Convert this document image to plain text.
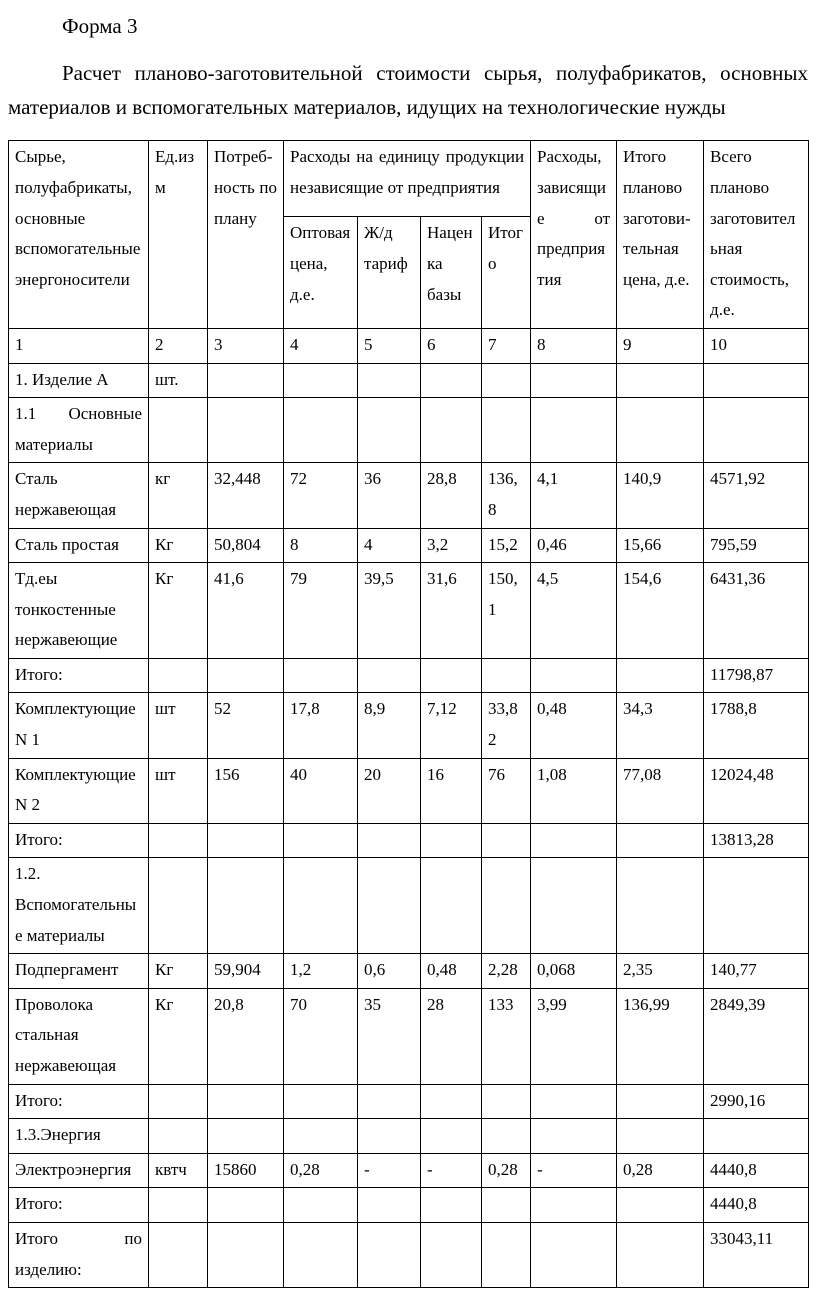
Форма 3

Расчет планово-заготовительной стоимости сырья, полуфабрикатов, основных материалов и вспомогательных материалов, идущих на технологические нужды

Сырье, полуфабрикаты, основные вспомогательные энергоносители	Ед.изм	Потреб-ность по плану	Расходы на единицу продукции независящие от предприятия				Расходы, зависящие от предприятия	Итого планово заготови-тельная цена, д.е.	Всего планово заготовительная стоимость, д.е.
			Оптовая цена, д.е.	Ж/д тариф	Наценка базы	Итого			
1	2	3	4	5	6	7	8	9	10
1. Изделие А	шт.								
1.1 Основные материалы									
Сталь нержавеющая	кг	32,448	72	36	28,8	136,8	4,1	140,9	4571,92
Сталь простая	Кг	50,804	8	4	3,2	15,2	0,46	15,66	795,59
Тд.еы тонкостенные нержавеющие	Кг	41,6	79	39,5	31,6	150,1	4,5	154,6	6431,36
Итого:									11798,87
Комплектующие N 1	шт	52	17,8	8,9	7,12	33,82	0,48	34,3	1788,8
Комплектующие N 2	шт	156	40	20	16	76	1,08	77,08	12024,48
Итого:									13813,28
1.2. Вспомогательные материалы									
Подпергамент	Кг	59,904	1,2	0,6	0,48	2,28	0,068	2,35	140,77
Проволока стальная нержавеющая	Кг	20,8	70	35	28	133	3,99	136,99	2849,39
Итого:									2990,16
1.3.Энергия									
Электроэнергия	квтч	15860	0,28	-	-	0,28	-	0,28	4440,8
Итого:									4440,8
Итого по изделию:									33043,11
